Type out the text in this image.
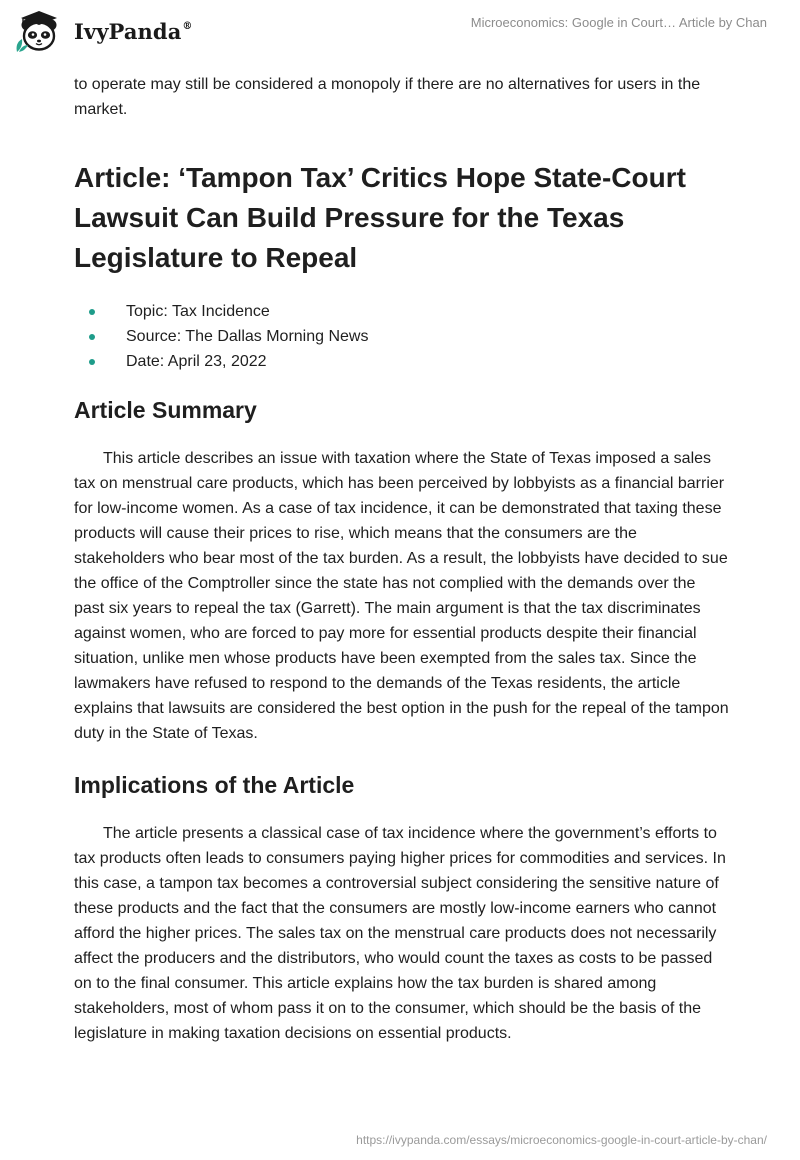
IvyPanda®	Microeconomics: Google in Court… Article by Chan

to operate may still be considered a monopoly if there are no alternatives for users in the market.

Article: ‘Tampon Tax’ Critics Hope State-Court Lawsuit Can Build Pressure for the Texas Legislature to Repeal
Topic: Tax Incidence
Source: The Dallas Morning News
Date: April 23, 2022
Article Summary

This article describes an issue with taxation where the State of Texas imposed a sales tax on menstrual care products, which has been perceived by lobbyists as a financial barrier for low-income women. As a case of tax incidence, it can be demonstrated that taxing these products will cause their prices to rise, which means that the consumers are the stakeholders who bear most of the tax burden. As a result, the lobbyists have decided to sue the office of the Comptroller since the state has not complied with the demands over the past six years to repeal the tax (Garrett). The main argument is that the tax discriminates against women, who are forced to pay more for essential products despite their financial situation, unlike men whose products have been exempted from the sales tax. Since the lawmakers have refused to respond to the demands of the Texas residents, the article explains that lawsuits are considered the best option in the push for the repeal of the tampon duty in the State of Texas.

Implications of the Article

The article presents a classical case of tax incidence where the government’s efforts to tax products often leads to consumers paying higher prices for commodities and services. In this case, a tampon tax becomes a controversial subject considering the sensitive nature of these products and the fact that the consumers are mostly low-income earners who cannot afford the higher prices. The sales tax on the menstrual care products does not necessarily affect the producers and the distributors, who would count the taxes as costs to be passed on to the final consumer. This article explains how the tax burden is shared among stakeholders, most of whom pass it on to the consumer, which should be the basis of the legislature in making taxation decisions on essential products.

https://ivypanda.com/essays/microeconomics-google-in-court-article-by-chan/
